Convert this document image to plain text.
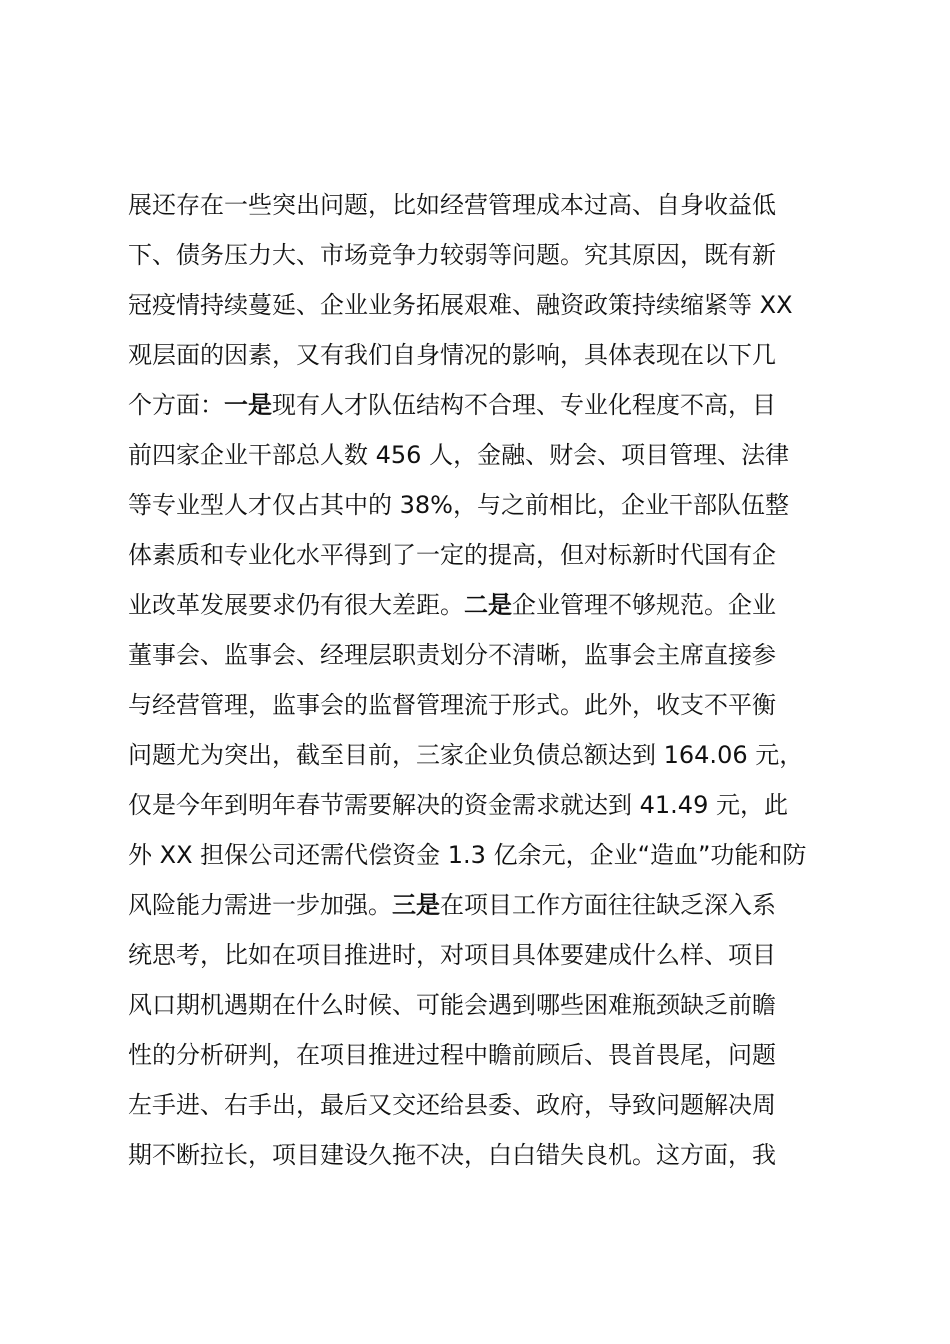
展还存在一些突出问题，比如经营管理成本过高、自身收益低
下、债务压力大、市场竞争力较弱等问题。究其原因，既有新
冠疫情持续蔓延、企业业务拓展艰难、融资政策持续缩紧等 XX
观层面的因素，又有我们自身情况的影响，具体表现在以下几
个方面：一是现有人才队伍结构不合理、专业化程度不高，目
前四家企业干部总人数 456 人，金融、财会、项目管理、法律
等专业型人才仅占其中的 38%，与之前相比，企业干部队伍整
体素质和专业化水平得到了一定的提高，但对标新时代国有企
业改革发展要求仍有很大差距。二是企业管理不够规范。企业
董事会、监事会、经理层职责划分不清晰，监事会主席直接参
与经营管理，监事会的监督管理流于形式。此外，收支不平衡
问题尤为突出，截至目前，三家企业负债总额达到 164.06 元，
仅是今年到明年春节需要解决的资金需求就达到 41.49 元，此
外 XX 担保公司还需代偿资金 1.3 亿余元，企业“造血”功能和防
风险能力需进一步加强。三是在项目工作方面往往缺乏深入系
统思考，比如在项目推进时，对项目具体要建成什么样、项目
风口期机遇期在什么时候、可能会遇到哪些困难瓶颈缺乏前瞻
性的分析研判，在项目推进过程中瞻前顾后、畏首畏尾，问题
左手进、右手出，最后又交还给县委、政府，导致问题解决周
期不断拉长，项目建设久拖不决，白白错失良机。这方面，我
